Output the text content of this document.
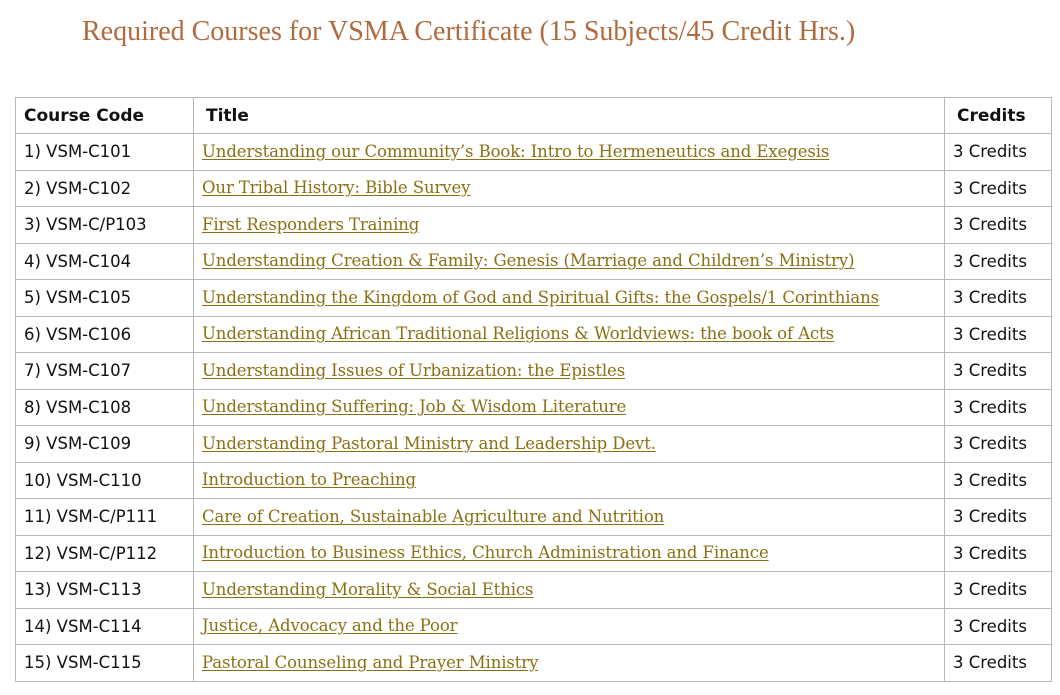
Required Courses for VSMA Certificate (15 Subjects/45 Credit Hrs.)
Course Code	Title	Credits
1) VSM-C101	Understanding our Community’s Book: Intro to Hermeneutics and Exegesis	3 Credits
2) VSM-C102	Our Tribal History: Bible Survey	3 Credits
3) VSM-C/P103	First Responders Training	3 Credits
4) VSM-C104	Understanding Creation & Family: Genesis (Marriage and Children’s Ministry)	3 Credits
5) VSM-C105	Understanding the Kingdom of God and Spiritual Gifts: the Gospels/1 Corinthians	3 Credits
6) VSM-C106	Understanding African Traditional Religions & Worldviews: the book of Acts	3 Credits
7) VSM-C107	Understanding Issues of Urbanization: the Epistles	3 Credits
8) VSM-C108	Understanding Suffering: Job & Wisdom Literature	3 Credits
9) VSM-C109	Understanding Pastoral Ministry and Leadership Devt.	3 Credits
10) VSM-C110	Introduction to Preaching	3 Credits
11) VSM-C/P111	Care of Creation, Sustainable Agriculture and Nutrition	3 Credits
12) VSM-C/P112	Introduction to Business Ethics, Church Administration and Finance	3 Credits
13) VSM-C113	Understanding Morality & Social Ethics	3 Credits
14) VSM-C114	Justice, Advocacy and the Poor	3 Credits
15) VSM-C115	Pastoral Counseling and Prayer Ministry	3 Credits
